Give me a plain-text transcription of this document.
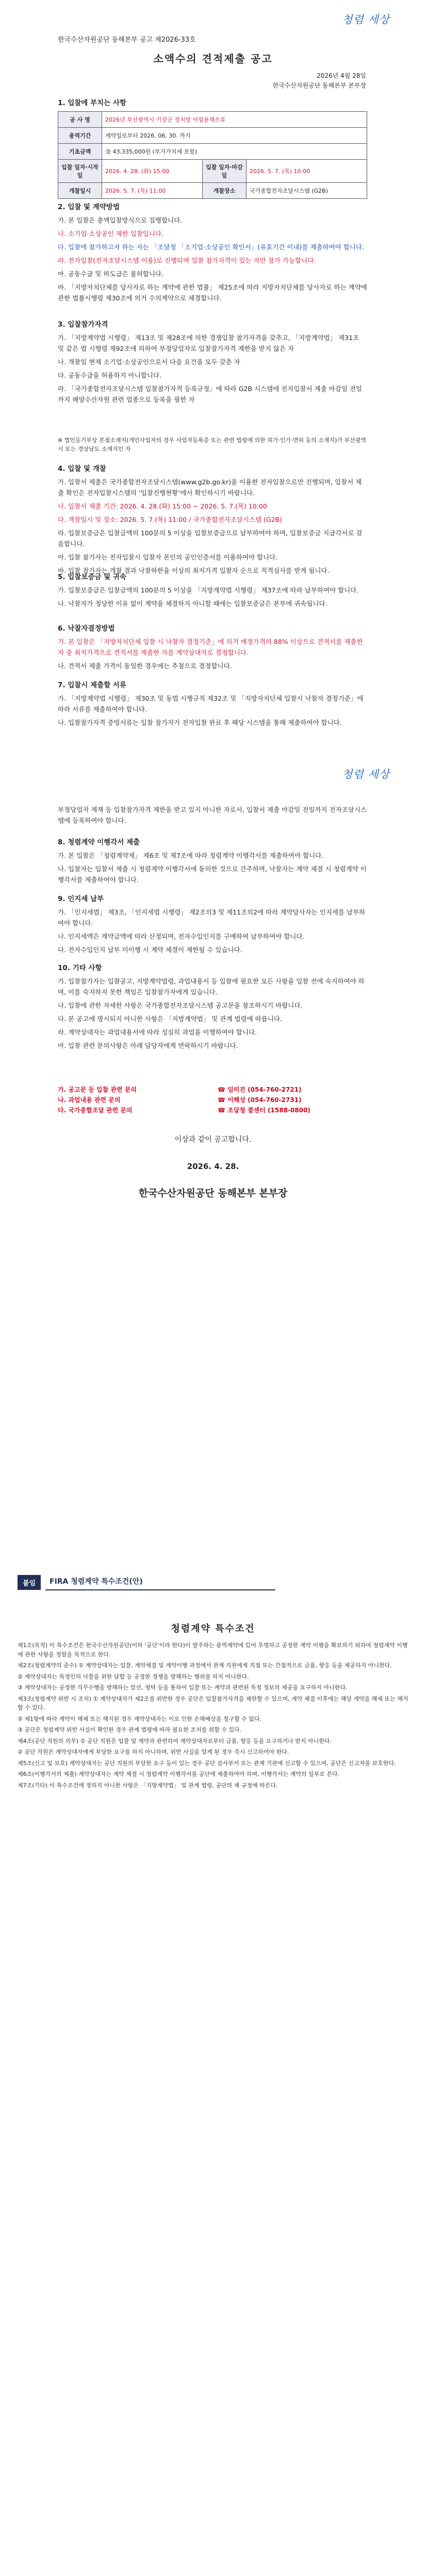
청렴 세상
한국수산자원공단 동해본부 공고 제2026-33호
소액수의 견적제출 공고
2026년 4월 28일
한국수산자원공단 동해본부 본부장
1. 입찰에 부치는 사항
공 사 명	2026년 부산광역시 기장군 정치망 어업용해조류		
용역기간	계약일로부터 2026. 06. 30. 까지		
기초금액	金 43,335,000원 (부가가치세 포함)		
입찰 일자·시작일	2026. 4. 28. (화) 15:00	입찰 일자·마감일	2026. 5. 7. (목) 10:00
개찰일시	2026. 5. 7. (목) 11:00	개찰장소	국가종합전자조달시스템 (G2B)
2. 입찰 및 계약방법

가. 본 입찰은 총액입찰방식으로 집행합니다.

나. 소기업·소상공인 제한 입찰입니다.

다. 입찰에 참가하고자 하는 자는 「조달청 「소기업·소상공인 확인서」(유효기간 이내)를 제출하여야 합니다.

라. 전자입찰(전자조달시스템 이용)로 진행되며 입찰 참가자격이 있는 자만 참가 가능합니다.

마. 공동수급 및 하도급은 불허합니다.

바. 「지방자치단체를 당사자로 하는 계약에 관한 법률」 제25조에 따라 지방자치단체를 당사자로 하는 계약에 관한 법률시행령 제30조에 의거 수의계약으로 체결합니다.

3. 입찰참가자격

가. 「지방계약법 시행령」 제13조 및 제28조에 의한 경쟁입찰 참가자격을 갖추고, 「지방계약법」 제31조 및 같은 법 시행령 제92조에 의하여 부정당업자로 입찰참가자격 제한을 받지 않은 자

나. 개찰일 현재 소기업·소상공인으로서 다음 요건을 모두 갖춘 자

다. 공동수급을 허용하지 아니합니다.

라. 「국가종합전자조달시스템 입찰참가자격 등록규정」에 따라 G2B 시스템에 전자입찰서 제출 마감일 전일까지 해양수산자원 관련 업종으로 등록을 필한 자

※ 법인등기부상 본점소재지(개인사업자의 경우 사업자등록증 또는 관련 법령에 의한 허가·인가·면허 등의 소재지)가 부산광역시 또는 경상남도 소재지인 자
4. 입찰 및 개찰

가. 입찰서 제출은 국가종합전자조달시스템(www.g2b.go.kr)을 이용한 전자입찰으로만 진행되며, 입찰서 제출 확인은 전자입찰시스템의 ‘입찰진행현황’에서 확인하시기 바랍니다.

나. 입찰서 제출 기간: 2026. 4. 28.(화) 15:00 ~ 2026. 5. 7.(목) 10:00

다. 개찰일시 및 장소: 2026. 5. 7.(목) 11:00 / 국가종합전자조달시스템 (G2B)

라. 입찰보증금은 입찰금액의 100분의 5 이상을 입찰보증금으로 납부하여야 하며, 입찰보증금 지급각서로 갈음합니다.

마. 입찰 참가자는 전자입찰시 입찰자 본인의 공인인증서를 이용하여야 합니다.

바. 입찰 참가자는 개찰 결과 낙찰하한율 이상의 최저가격 입찰자 순으로 적격심사를 받게 됩니다.

5. 입찰보증금 및 귀속

가. 입찰보증금은 입찰금액의 100분의 5 이상을 「지방계약법 시행령」 제37조에 따라 납부하여야 합니다.

나. 낙찰자가 정당한 이유 없이 계약을 체결하지 아니할 때에는 입찰보증금은 본부에 귀속됩니다.

6. 낙찰자결정방법

가. 본 입찰은 「지방자치단체 입찰 시 낙찰자 결정기준」에 의거 예정가격의 88% 이상으로 견적서를 제출한 자 중 최저가격으로 견적서를 제출한 자를 계약상대자로 결정합니다.

나. 견적서 제출 가격이 동일한 경우에는 추첨으로 결정합니다.

7. 입찰시 제출할 서류

가. 「지방계약법 시행령」 제30조 및 동법 시행규칙 제32조 및 「지방자치단체 입찰시 낙찰자 결정기준」에 따라 서류를 제출하여야 합니다.

나. 입찰참가자격 증빙서류는 입찰 참가자가 전자입찰 완료 후 해당 시스템을 통해 제출하여야 합니다.

청렴 세상
부정당업자 제재 등 입찰참가자격 제한을 받고 있지 아니한 자로서, 입찰서 제출 마감일 전일까지 전자조달시스템에 등록하여야 합니다.
8. 청렴계약 이행각서 제출

가. 본 입찰은 「청렴계약제」 제6조 및 제7조에 따라 청렴계약 이행각서를 제출하여야 합니다.

나. 입찰자는 입찰서 제출 시 청렴계약 이행각서에 동의한 것으로 간주하며, 낙찰자는 계약 체결 시 청렴계약 이행각서를 제출하여야 합니다.

9. 인지세 납부

가. 「인지세법」 제3조, 「인지세법 시행령」 제2조의3 및 제11조의2에 따라 계약당사자는 인지세를 납부하여야 합니다.

나. 인지세액은 계약금액에 따라 산정되며, 전자수입인지를 구매하여 납부하여야 합니다.

다. 전자수입인지 납부 미이행 시 계약 체결이 제한될 수 있습니다.

10. 기타 사항

가. 입찰참가자는 입찰공고, 지방계약법령, 과업내용서 등 입찰에 필요한 모든 사항을 입찰 전에 숙지하여야 하며, 이를 숙지하지 못한 책임은 입찰참가자에게 있습니다.

나. 입찰에 관한 자세한 사항은 국가종합전자조달시스템 공고문을 참조하시기 바랍니다.

다. 본 공고에 명시되지 아니한 사항은 「지방계약법」 및 관계 법령에 따릅니다.

라. 계약상대자는 과업내용서에 따라 성실히 과업을 이행하여야 합니다.

마. 입찰 관련 문의사항은 아래 담당자에게 연락하시기 바랍니다.

가. 공고문 등 입찰 관련 문의	☎ 임미진 (054-760-2721)
나. 과업내용 관련 문의	☎ 이해성 (054-760-2731)
다. 국가종합조달 관련 문의	☎ 조달청 콜센터 (1588-0800)
이상과 같이 공고합니다.
2026. 4. 28.
한국수산자원공단 동해본부 본부장
붙임	FIRA 청렴계약 특수조건(안)
청렴계약 특수조건

제1조(목적) 이 특수조건은 한국수산자원공단(이하 ‘공단’이라 한다)이 발주하는 용역계약에 있어 투명하고 공정한 계약 이행을 확보하기 위하여 청렴계약 이행에 관한 사항을 정함을 목적으로 한다.

제2조(청렴계약의 준수) ① 계약상대자는 입찰, 계약체결 및 계약이행 과정에서 관계 직원에게 직접 또는 간접적으로 금품, 향응 등을 제공하지 아니한다.

② 계약상대자는 특정인의 낙찰을 위한 담합 등 공정한 경쟁을 방해하는 행위를 하지 아니한다.

③ 계약상대자는 공정한 직무수행을 방해하는 알선, 청탁 등을 통하여 입찰 또는 계약과 관련된 특정 정보의 제공을 요구하지 아니한다.

제3조(청렴계약 위반 시 조치) ① 계약상대자가 제2조를 위반한 경우 공단은 입찰참가자격을 제한할 수 있으며, 계약 체결 이후에는 해당 계약을 해제 또는 해지할 수 있다.

② 제1항에 따라 계약이 해제 또는 해지된 경우 계약상대자는 이로 인한 손해배상을 청구할 수 없다.

③ 공단은 청렴계약 위반 사실이 확인된 경우 관계 법령에 따라 필요한 조치를 취할 수 있다.

제4조(공단 직원의 의무) ① 공단 직원은 입찰 및 계약과 관련하여 계약상대자로부터 금품, 향응 등을 요구하거나 받지 아니한다.

② 공단 직원은 계약상대자에게 부당한 요구를 하지 아니하며, 위반 사실을 알게 된 경우 즉시 신고하여야 한다.

제5조(신고 및 보호) 계약상대자는 공단 직원의 부당한 요구 등이 있는 경우 공단 감사부서 또는 관계 기관에 신고할 수 있으며, 공단은 신고자를 보호한다.

제6조(이행각서의 제출) 계약상대자는 계약 체결 시 청렴계약 이행각서를 공단에 제출하여야 하며, 이행각서는 계약의 일부로 본다.

제7조(기타) 이 특수조건에 정하지 아니한 사항은 「지방계약법」 및 관계 법령, 공단의 제 규정에 따른다.
